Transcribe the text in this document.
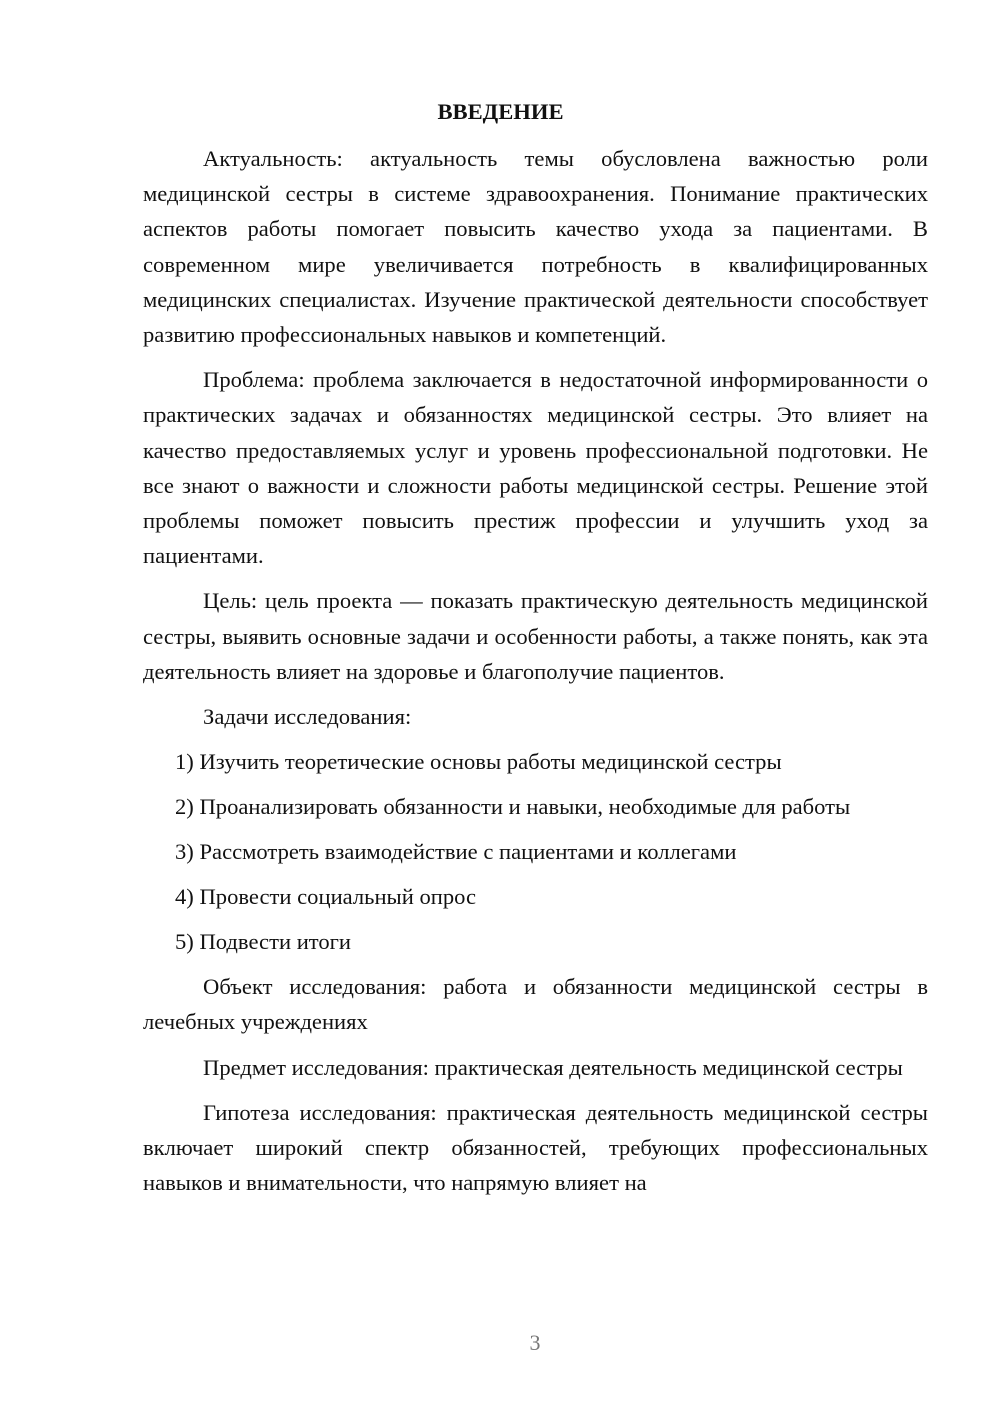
ВВЕДЕНИЕ

Актуальность: актуальность темы обусловлена важностью роли медицинской сестры в системе здравоохранения. Понимание практических аспектов работы помогает повысить качество ухода за пациентами. В современном мире увеличивается потребность в квалифицированных медицинских специалистах. Изучение практической деятельности способствует развитию профессиональных навыков и компетенций.

Проблема: проблема заключается в недостаточной информированности о практических задачах и обязанностях медицинской сестры. Это влияет на качество предоставляемых услуг и уровень профессиональной подготовки. Не все знают о важности и сложности работы медицинской сестры. Решение этой проблемы поможет повысить престиж профессии и улучшить уход за пациентами.

Цель: цель проекта — показать практическую деятельность медицинской сестры, выявить основные задачи и особенности работы, а также понять, как эта деятельность влияет на здоровье и благополучие пациентов.

Задачи исследования:

1) Изучить теоретические основы работы медицинской сестры
2) Проанализировать обязанности и навыки, необходимые для работы
3) Рассмотреть взаимодействие с пациентами и коллегами
4) Провести социальный опрос
5) Подвести итоги

Объект исследования: работа и обязанности медицинской сестры в лечебных учреждениях

Предмет исследования: практическая деятельность медицинской сестры

Гипотеза исследования: практическая деятельность медицинской сестры включает широкий спектр обязанностей, требующих профессиональных навыков и внимательности, что напрямую влияет на

3
